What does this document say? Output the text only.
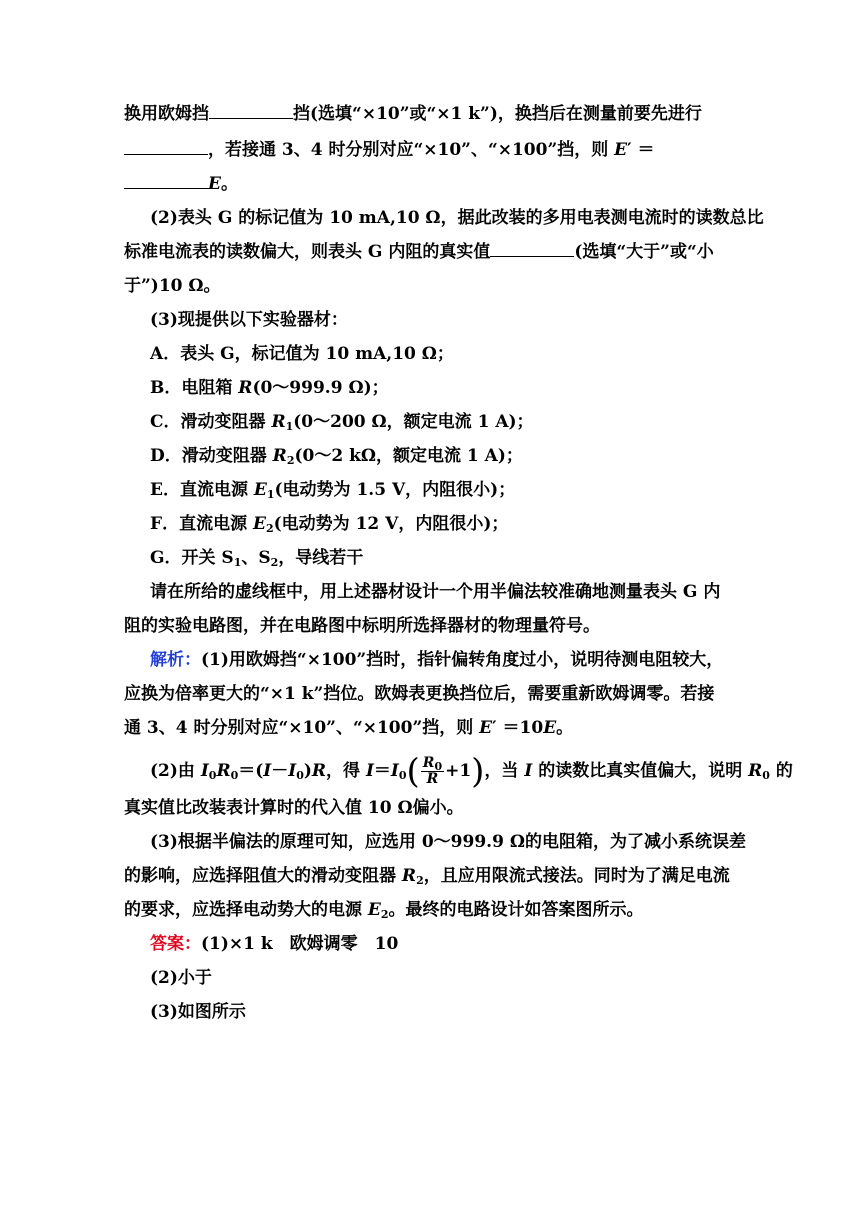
换用欧姆挡	挡(选填“×10”或“×1 k”)，换挡后在测量前要先进行
，若接通 3、4 时分别对应“×10”、“×100”挡，则 E′ ＝
E。
(2)表头 G 的标记值为 10 mA,10 Ω，据此改装的多用电表测电流时的读数总比
标准电流表的读数偏大，则表头 G 内阻的真实值	(选填“大于”或“小
于”)10 Ω。
(3)现提供以下实验器材：
A．表头 G，标记值为 10 mA,10 Ω；
B．电阻箱 R(0～999.9 Ω)；
C．滑动变阻器 $R_1(0\sim 200$ Ω，额定电流 1 A)；
D．滑动变阻器 $R_2(0\sim 2$ kΩ，额定电流 1 A)；
E．直流电源 $E_1$(电动势为 1.5 V，内阻很小)；
F．直流电源 $E_2$(电动势为 12 V，内阻很小)；
G．开关 $S_1$、$S_2$，导线若干
请在所给的虚线框中，用上述器材设计一个用半偏法较准确地测量表头 G 内
阻的实验电路图，并在电路图中标明所选择器材的物理量符号。
解析：(1)用欧姆挡“×100”挡时，指针偏转角度过小，说明待测电阻较大，
应换为倍率更大的“×1 k”挡位。欧姆表更换挡位后，需要重新欧姆调零。若接
通 3、4 时分别对应“×10”、“×100”挡，则 E′ ＝10E。
(2)由 $I_0R_0=(I-I_0)R$，得 $I=I_0( \frac{R_0}{R} +1)$，当 I 的读数比真实值偏大，说明 $R_0$ 的
真实值比改装表计算时的代入值 10 Ω偏小。
(3)根据半偏法的原理可知，应选用 0～999.9 Ω的电阻箱，为了减小系统误差
的影响，应选择阻值大的滑动变阻器 $R_2$，且应用限流式接法。同时为了满足电流
的要求，应选择电动势大的电源 $E_2$。最终的电路设计如答案图所示。
答案：(1)×1 k　欧姆调零　10
(2)小于
(3)如图所示
